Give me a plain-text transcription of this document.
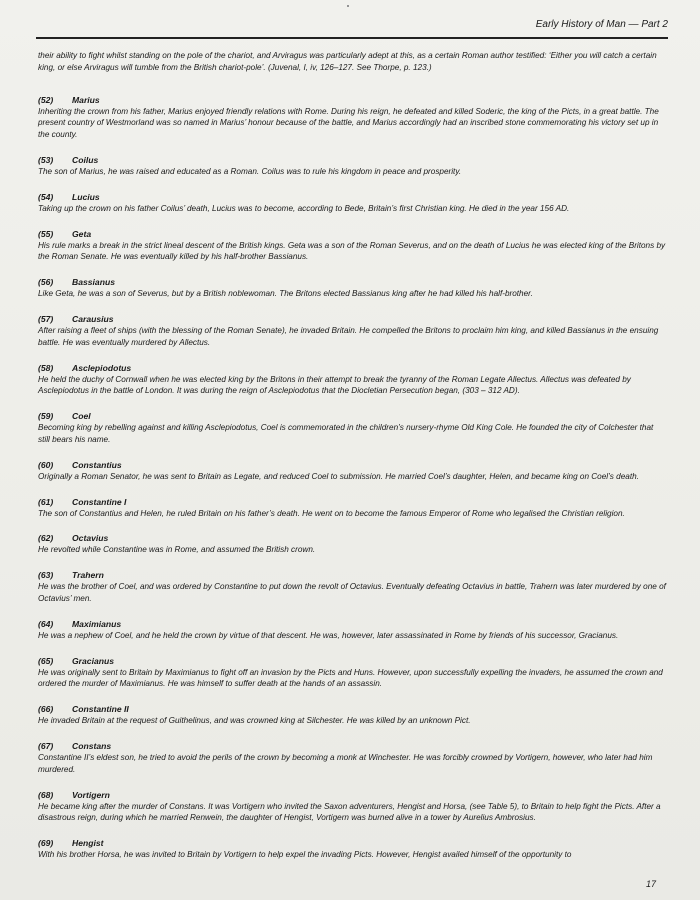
Early History of Man — Part 2

their ability to fight whilst standing on the pole of the chariot, and Arviragus was particularly adept at this, as a certain Roman author testified: ‘Either you will catch a certain king, or else Arviragus will tumble from the British chariot-pole’. (Juvenal, I, iv, 126–127. See Thorpe, p. 123.)

(52) Marius

Inheriting the crown from his father, Marius enjoyed friendly relations with Rome. During his reign, he defeated and killed Soderic, the king of the Picts, in a great battle. The present country of Westmorland was so named in Marius’ honour because of the battle, and Marius accordingly had an inscribed stone commemorating his victory set up in the county.

(53) Coilus

The son of Marius, he was raised and educated as a Roman. Coilus was to rule his kingdom in peace and prosperity.

(54) Lucius

Taking up the crown on his father Coilus’ death, Lucius was to become, according to Bede, Britain’s first Christian king. He died in the year 156 AD.

(55) Geta

His rule marks a break in the strict lineal descent of the British kings. Geta was a son of the Roman Severus, and on the death of Lucius he was elected king of the Britons by the Roman Senate. He was eventually killed by his half-brother Bassianus.

(56) Bassianus

Like Geta, he was a son of Severus, but by a British noblewoman. The Britons elected Bassianus king after he had killed his half-brother.

(57) Carausius

After raising a fleet of ships (with the blessing of the Roman Senate), he invaded Britain. He compelled the Britons to proclaim him king, and killed Bassianus in the ensuing battle. He was eventually murdered by Allectus.

(58) Asclepiodotus

He held the duchy of Cornwall when he was elected king by the Britons in their attempt to break the tyranny of the Roman Legate Allectus. Allectus was defeated by Asclepiodotus in the battle of London. It was during the reign of Asclepiodotus that the Diocletian Persecution began, (303 – 312 AD).

(59) Coel

Becoming king by rebelling against and killing Asclepiodotus, Coel is commemorated in the children’s nursery-rhyme Old King Cole. He founded the city of Colchester that still bears his name.

(60) Constantius

Originally a Roman Senator, he was sent to Britain as Legate, and reduced Coel to submission. He married Coel’s daughter, Helen, and became king on Coel’s death.

(61) Constantine I

The son of Constantius and Helen, he ruled Britain on his father’s death. He went on to become the famous Emperor of Rome who legalised the Christian religion.

(62) Octavius

He revolted while Constantine was in Rome, and assumed the British crown.

(63) Trahern

He was the brother of Coel, and was ordered by Constantine to put down the revolt of Octavius. Eventually defeating Octavius in battle, Trahern was later murdered by one of Octavius’ men.

(64) Maximianus

He was a nephew of Coel, and he held the crown by virtue of that descent. He was, however, later assassinated in Rome by friends of his successor, Gracianus.

(65) Gracianus

He was originally sent to Britain by Maximianus to fight off an invasion by the Picts and Huns. However, upon successfully expelling the invaders, he assumed the crown and ordered the murder of Maximianus. He was himself to suffer death at the hands of an assassin.

(66) Constantine II

He invaded Britain at the request of Guithelinus, and was crowned king at Silchester. He was killed by an unknown Pict.

(67) Constans

Constantine II’s eldest son, he tried to avoid the perils of the crown by becoming a monk at Winchester. He was forcibly crowned by Vortigern, however, who later had him murdered.

(68) Vortigern

He became king after the murder of Constans. It was Vortigern who invited the Saxon adventurers, Hengist and Horsa, (see Table 5), to Britain to help fight the Picts. After a disastrous reign, during which he married Renwein, the daughter of Hengist, Vortigern was burned alive in a tower by Aurelius Ambrosius.

(69) Hengist

With his brother Horsa, he was invited to Britain by Vortigern to help expel the invading Picts. However, Hengist availed himself of the opportunity to

17
